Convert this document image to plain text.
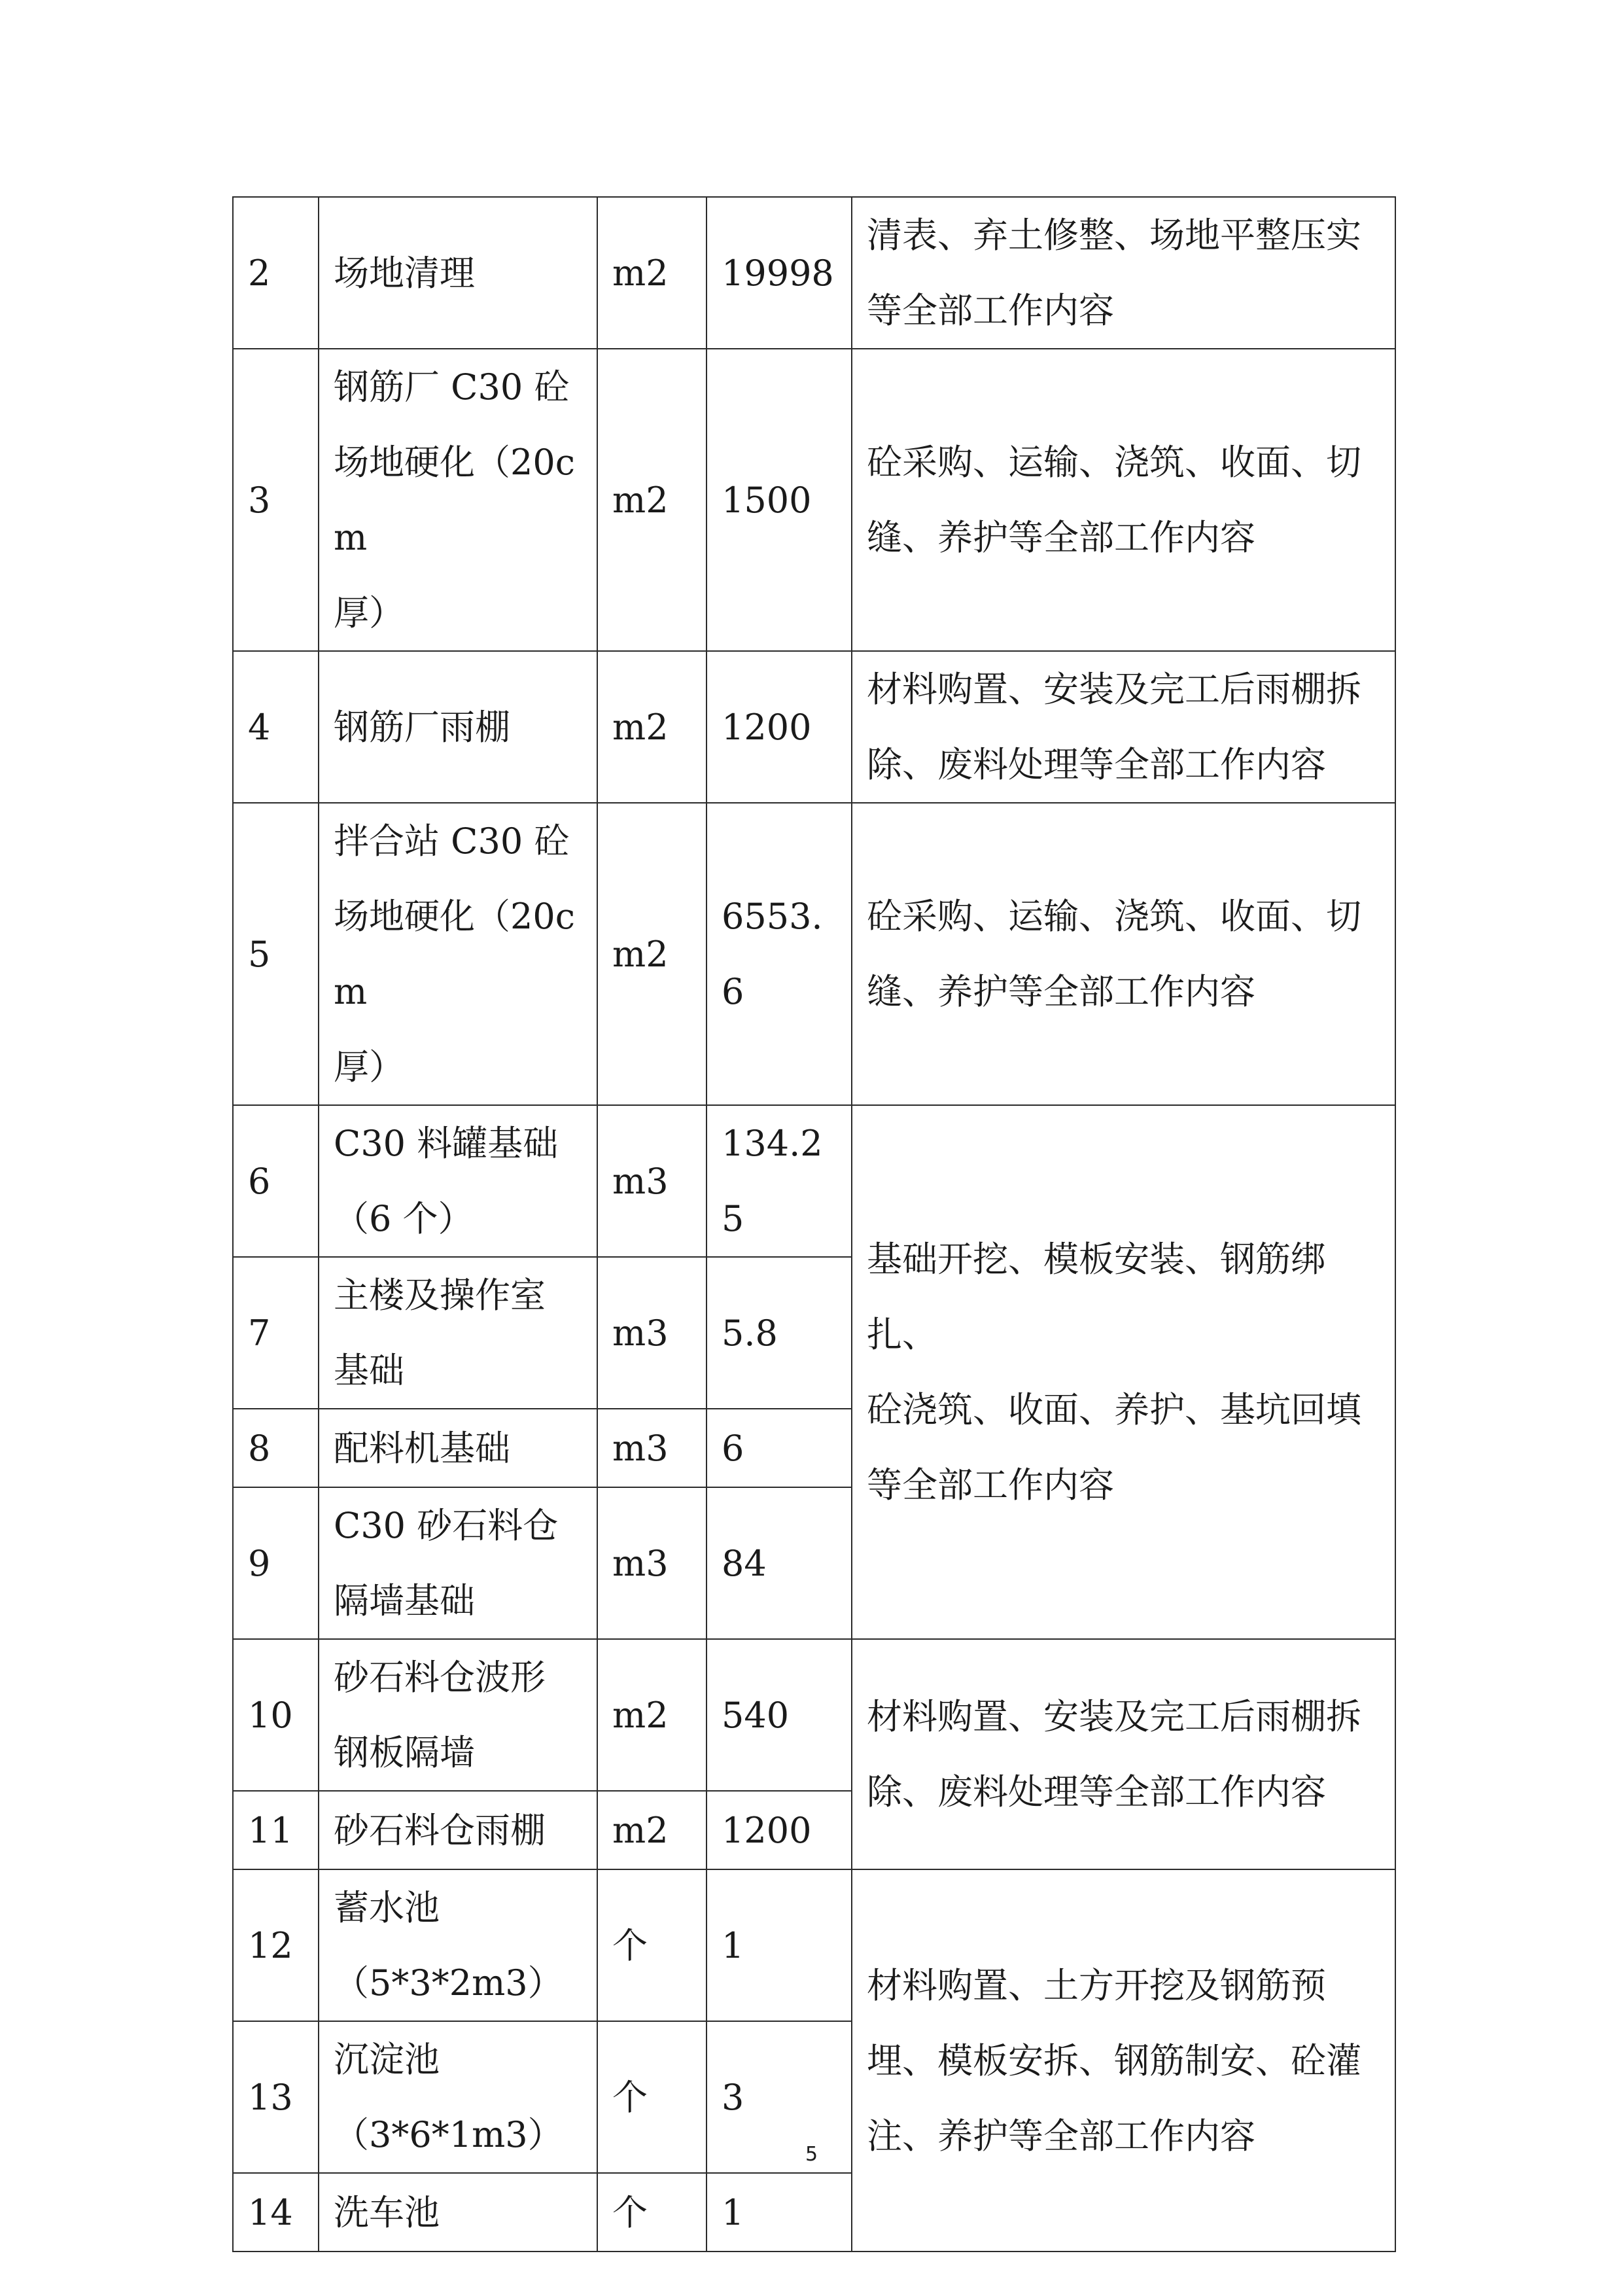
2	场地清理	m2	19998	清表、弃土修整、场地平整压实
等全部工作内容

3	钢筋厂 C30 砼
场地硬化（20cm
厚）	m2	1500	砼采购、运输、浇筑、收面、切
缝、养护等全部工作内容

4	钢筋厂雨棚	m2	1200	材料购置、安装及完工后雨棚拆
除、废料处理等全部工作内容

5	拌合站 C30 砼
场地硬化（20cm
厚）	m2	6553.6	砼采购、运输、浇筑、收面、切
缝、养护等全部工作内容

6	C30 料罐基础
（6 个）	m3	134.25	基础开挖、模板安装、钢筋绑扎、
砼浇筑、收面、养护、基坑回填
等全部工作内容

7	主楼及操作室
基础	m3	5.8	
8	配料机基础	m3	6	
9	C30 砂石料仓
隔墙基础	m3	84	
10	砂石料仓波形
钢板隔墙	m2	540	材料购置、安装及完工后雨棚拆
除、废料处理等全部工作内容

11	砂石料仓雨棚	m2	1200	
12	蓄水池
（5*3*2m3）	个	1	材料购置、土方开挖及钢筋预
埋、模板安拆、钢筋制安、砼灌
注、养护等全部工作内容

13	沉淀池
（3*6*1m3）	个	3	
14	洗车池	个	1	
5
